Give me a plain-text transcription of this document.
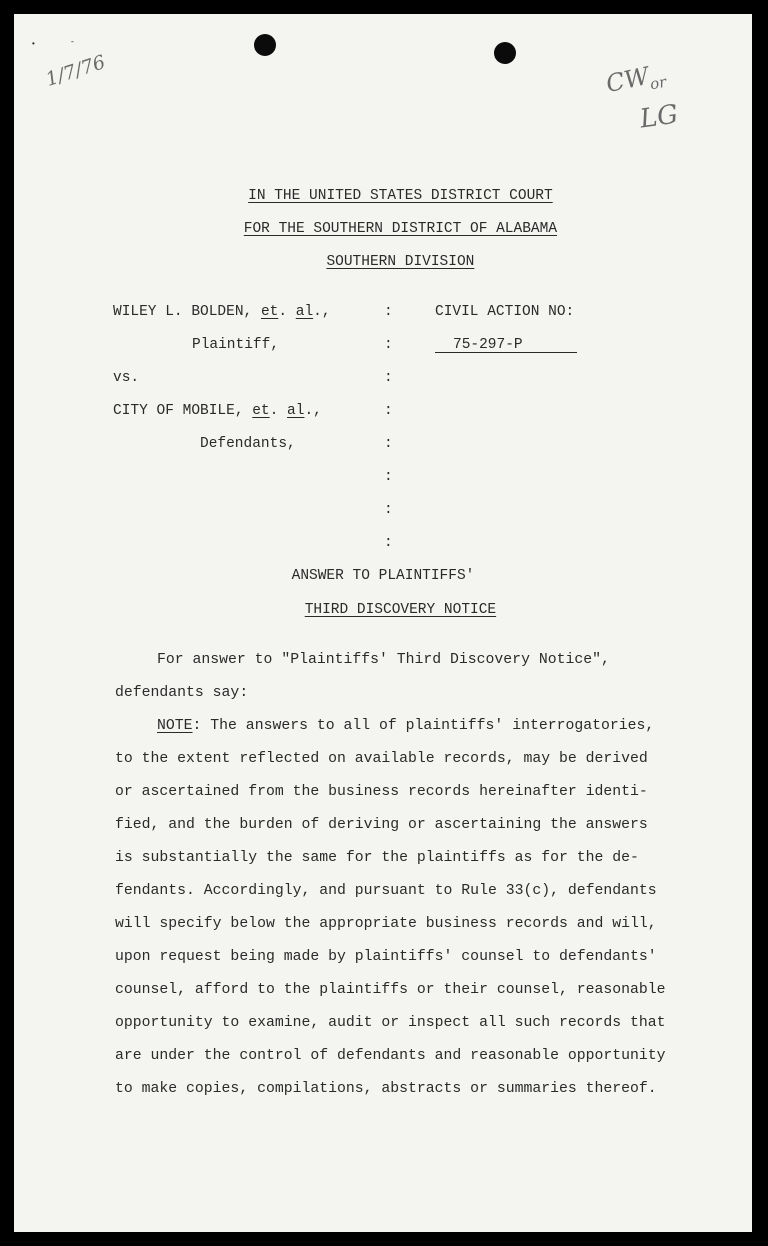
•	-
1/7/76	CW
or
LG

IN THE UNITED STATES DISTRICT COURT

FOR THE SOUTHERN DISTRICT OF ALABAMA

SOUTHERN DIVISION

WILEY L. BOLDEN, et. al.,
Plaintiff,
vs.
CITY OF MOBILE, et. al.,
Defendants,
:
:
:
:
:
:
:
:
CIVIL ACTION NO:
75-297-P
ANSWER TO PLAINTIFFS'

THIRD DISCOVERY NOTICE

For answer to "Plaintiffs' Third Discovery Notice",
defendants say:
NOTE: The answers to all of plaintiffs' interrogatories,
to the extent reflected on available records, may be derived
or ascertained from the business records hereinafter identi-
fied, and the burden of deriving or ascertaining the answers
is substantially the same for the plaintiffs as for the de-
fendants. Accordingly, and pursuant to Rule 33(c), defendants
will specify below the appropriate business records and will,
upon request being made by plaintiffs' counsel to defendants'
counsel, afford to the plaintiffs or their counsel, reasonable
opportunity to examine, audit or inspect all such records that
are under the control of defendants and reasonable opportunity
to make copies, compilations, abstracts or summaries thereof.
